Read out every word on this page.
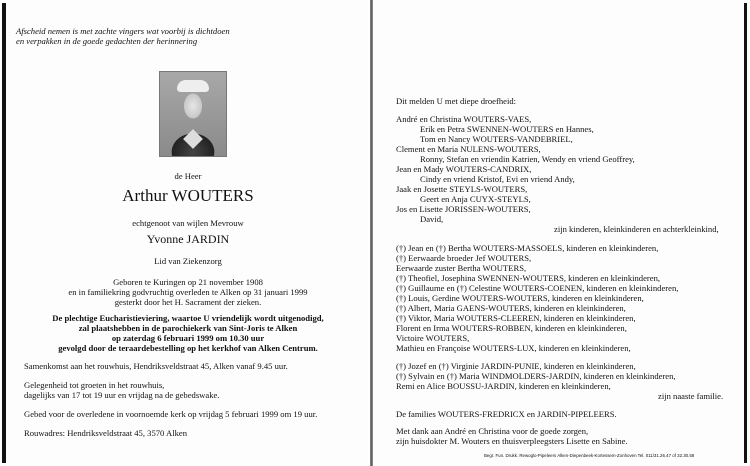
Afscheid nemen is met zachte vingers wat voorbij is dichtdoen
en verpakken in de goede gedachten der herinnering
de Heer
Arthur WOUTERS
echtgenoot van wijlen Mevrouw
Yvonne JARDIN
Lid van Ziekenzorg
Geboren te Kuringen op 21 november 1908
en in familiekring godvruchtig overleden te Alken op 31 januari 1999
gesterkt door het H. Sacrament der zieken.
De plechtige Eucharistieviering, waartoe U vriendelijk wordt uitgenodigd,
zal plaatshebben in de parochiekerk van Sint-Joris te Alken
op zaterdag 6 februari 1999 om 10.30 uur
gevolgd door de teraardebestelling op het kerkhof van Alken Centrum.
Samenkomst aan het rouwhuis, Hendriksveldstraat 45, Alken vanaf 9.45 uur.
Gelegenheid tot groeten in het rouwhuis,
dagelijks van 17 tot 19 uur en vrijdag na de gebedswake.
Gebed voor de overledene in voornoemde kerk op vrijdag 5 februari 1999 om 19 uur.
Rouwadres: Hendriksveldstraat 45, 3570 Alken
Dit melden U met diepe droefheid:
André en Christina WOUTERS-VAES,
Erik en Petra SWENNEN-WOUTERS en Hannes,
Tom en Nancy WOUTERS-VANDEBRIEL,
Clement en Maria NULENS-WOUTERS,
Ronny, Stefan en vriendin Katrien, Wendy en vriend Geoffrey,
Jean en Mady WOUTERS-CANDRIX,
Cindy en vriend Kristof, Evi en vriend Andy,
Jaak en Josette STEYLS-WOUTERS,
Geert en Anja CUYX-STEYLS,
Jos en Lisette JORISSEN-WOUTERS,
David,
zijn kinderen, kleinkinderen en achterkleinkind,
(†) Jean en (†) Bertha WOUTERS-MASSOELS, kinderen en kleinkinderen,
(†) Eerwaarde broeder Jef WOUTERS,
Eerwaarde zuster Bertha WOUTERS,
(†) Theofiel, Josephina SWENNEN-WOUTERS, kinderen en kleinkinderen,
(†) Guillaume en (†) Celestine WOUTERS-COENEN, kinderen en kleinkinderen,
(†) Louis, Gerdine WOUTERS-WOUTERS, kinderen en kleinkinderen,
(†) Albert, Maria GAENS-WOUTERS, kinderen en kleinkinderen,
(†) Viktor, Maria WOUTERS-CLEEREN, kinderen en kleinkinderen,
Florent en Irma WOUTERS-ROBBEN, kinderen en kleinkinderen,
Victoire WOUTERS,
Mathieu en Françoise WOUTERS-LUX, kinderen en kleinkinderen,
(†) Jozef en (†) Virginie JARDIN-PUNIE, kinderen en kleinkinderen,
(†) Sylvain en (†) Maria WINDMOLDERS-JARDIN, kinderen en kleinkinderen,
Remi en Alice BOUSSU-JARDIN, kinderen en kleinkinderen,
zijn naaste familie.
De families WOUTERS-FREDRICX en JARDIN-PIPELEERS.
Met dank aan André en Christina voor de goede zorgen,
zijn huisdokter M. Wouters en thuisverpleegsters Lisette en Sabine.
Begr. Fun. Drukk. Rewoglo-Pipeleers Alken-Diepenbeek-Kortessem-Zonhoven Tel. 011/31.26.47 of 32.30.58
